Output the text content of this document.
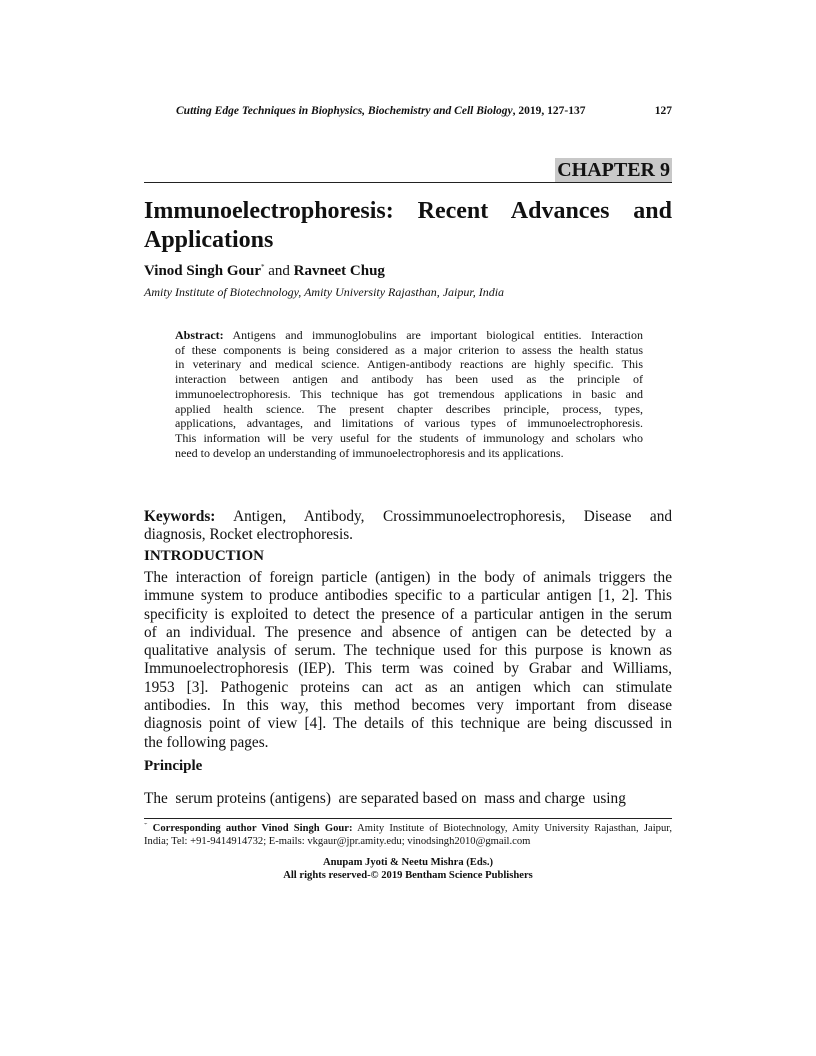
Cutting Edge Techniques in Biophysics, Biochemistry and Cell Biology, 2019, 127-137	127
CHAPTER 9
Immunoelectrophoresis: Recent Advances and
Applications
Vinod Singh Gour* and Ravneet Chug
Amity Institute of Biotechnology, Amity University Rajasthan, Jaipur, India
Abstract: Antigens and immunoglobulins are important biological entities. Interaction
of these components is being considered as a major criterion to assess the health status
in veterinary and medical science. Antigen-antibody reactions are highly specific. This
interaction between antigen and antibody has been used as the principle of
immunoelectrophoresis. This technique has got tremendous applications in basic and
applied health science. The present chapter describes principle, process, types,
applications, advantages, and limitations of various types of immunoelectrophoresis.
This information will be very useful for the students of immunology and scholars who
need to develop an understanding of immunoelectrophoresis and its applications.
Keywords: Antigen, Antibody, Crossimmunoelectrophoresis, Disease and
diagnosis, Rocket electrophoresis.
INTRODUCTION
The interaction of foreign particle (antigen) in the body of animals triggers the
immune system to produce antibodies specific to a particular antigen [1, 2]. This
specificity is exploited to detect the presence of a particular antigen in the serum
of an individual. The presence and absence of antigen can be detected by a
qualitative analysis of serum. The technique used for this purpose is known as
Immunoelectrophoresis (IEP). This term was coined by Grabar and Williams,
1953 [3]. Pathogenic proteins can act as an antigen which can stimulate
antibodies. In this way, this method becomes very important from disease
diagnosis point of view [4]. The details of this technique are being discussed in
the following pages.
Principle
The  serum proteins (antigens)  are separated based on  mass and charge  using
* Corresponding author Vinod Singh Gour: Amity Institute of Biotechnology, Amity University Rajasthan, Jaipur,
India; Tel: +91-9414914732; E-mails: vkgaur@jpr.amity.edu; vinodsingh2010@gmail.com
Anupam Jyoti & Neetu Mishra (Eds.)
All rights reserved-© 2019 Bentham Science Publishers
